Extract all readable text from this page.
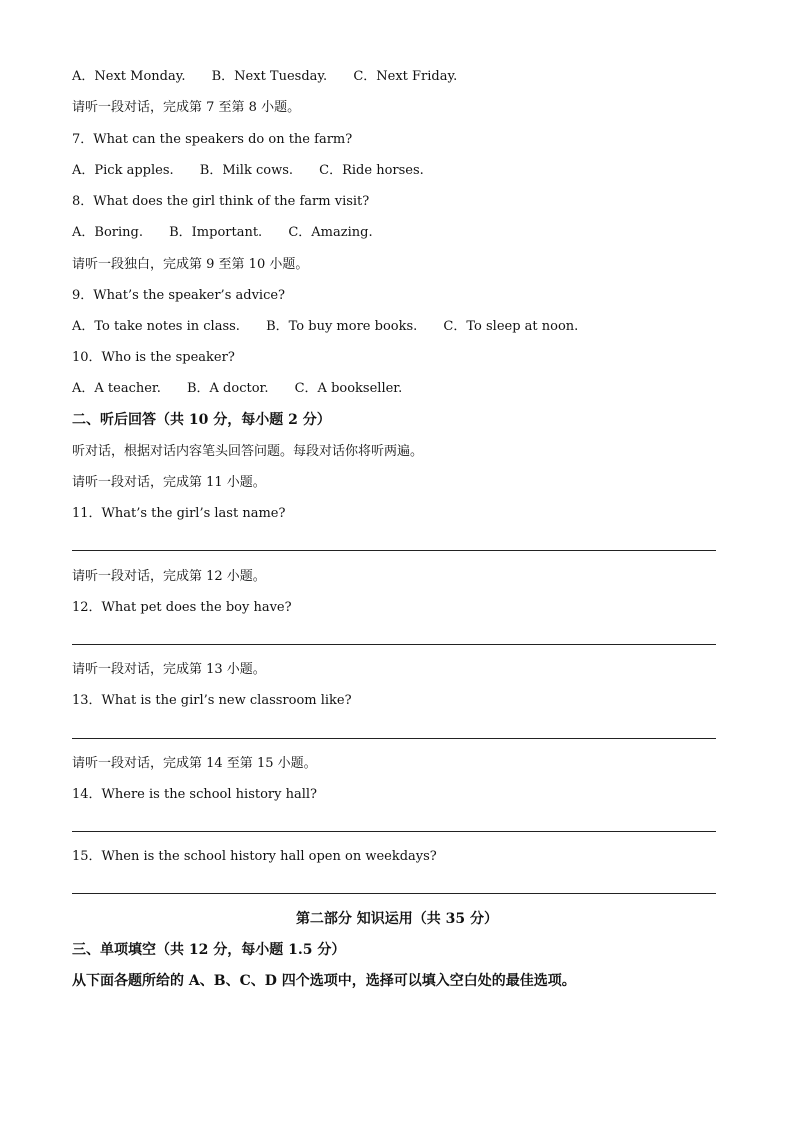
A．Next Monday. B．Next Tuesday. C．Next Friday.
请听一段对话，完成第 7 至第 8 小题。
7．What can the speakers do on the farm?
A．Pick apples. B．Milk cows. C．Ride horses.
8．What does the girl think of the farm visit?
A．Boring. B．Important. C．Amazing.
请听一段独白，完成第 9 至第 10 小题。
9．What’s the speaker’s advice?
A．To take notes in class. B．To buy more books. C．To sleep at noon.
10．Who is the speaker?
A．A teacher. B．A doctor. C．A bookseller.
二、听后回答（共 10 分，每小题 2 分）
听对话，根据对话内容笔头回答问题。每段对话你将听两遍。
请听一段对话，完成第 11 小题。
11．What’s the girl’s last name?
请听一段对话，完成第 12 小题。
12．What pet does the boy have?
请听一段对话，完成第 13 小题。
13．What is the girl’s new classroom like?
请听一段对话，完成第 14 至第 15 小题。
14．Where is the school history hall?
15．When is the school history hall open on weekdays?
第二部分 知识运用（共 35 分）
三、单项填空（共 12 分，每小题 1.5 分）
从下面各题所给的 A、B、C、D 四个选项中，选择可以填入空白处的最佳选项。
